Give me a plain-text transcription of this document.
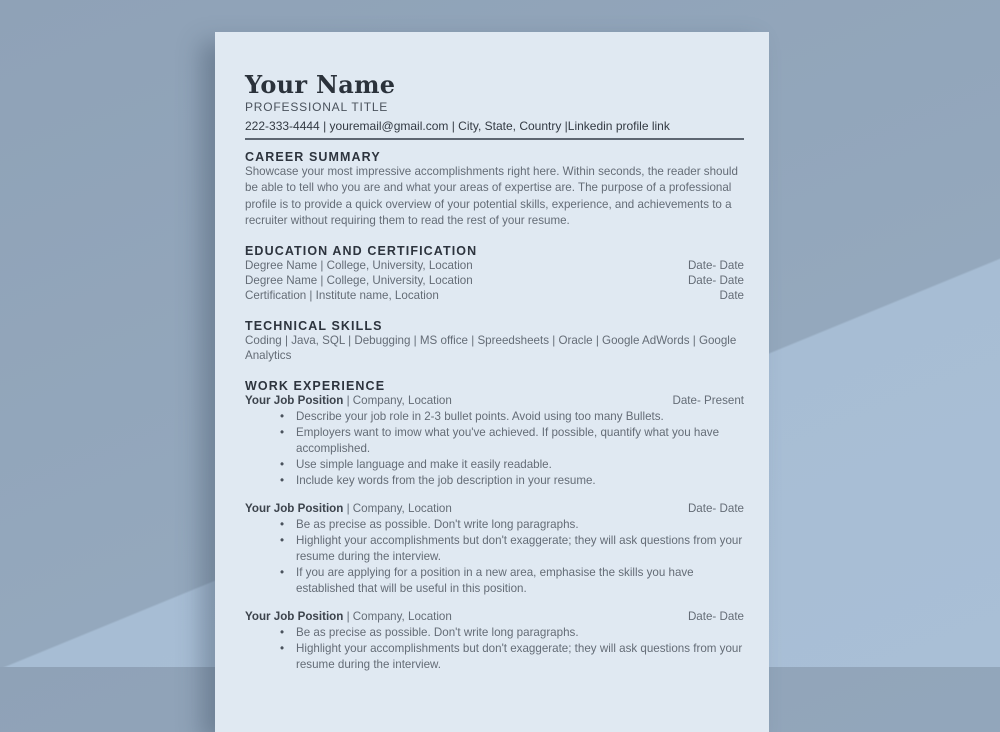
Your Name
PROFESSIONAL TITLE
222-333-4444 | youremail@gmail.com | City, State, Country |Linkedin profile link
CAREER SUMMARY
Showcase your most impressive accomplishments right here. Within seconds, the reader should be able to tell who you are and what your areas of expertise are. The purpose of a professional profile is to provide a quick overview of your potential skills, experience, and achievements to a recruiter without requiring them to read the rest of your resume.
EDUCATION AND CERTIFICATION
Degree Name | College, University, Location	Date- Date
Degree Name | College, University, Location	Date- Date
Certification | Institute name, Location	Date
TECHNICAL SKILLS
Coding | Java, SQL | Debugging | MS office | Spreedsheets | Oracle | Google AdWords | Google Analytics
WORK EXPERIENCE
Your Job Position | Company, Location	Date- Present
• Describe your job role in 2-3 bullet points. Avoid using too many Bullets.
• Employers want to imow what you've achieved. If possible, quantify what you have accomplished.
• Use simple language and make it easily readable.
• Include key words from the job description in your resume.
Your Job Position | Company, Location	Date- Date
• Be as precise as possible. Don't write long paragraphs.
• Highlight your accomplishments but don't exaggerate; they will ask questions from your resume during the interview.
• If you are applying for a position in a new area, emphasise the skills you have established that will be useful in this position.
Your Job Position | Company, Location	Date- Date
• Be as precise as possible. Don't write long paragraphs.
• Highlight your accomplishments but don't exaggerate; they will ask questions from your resume during the interview.
